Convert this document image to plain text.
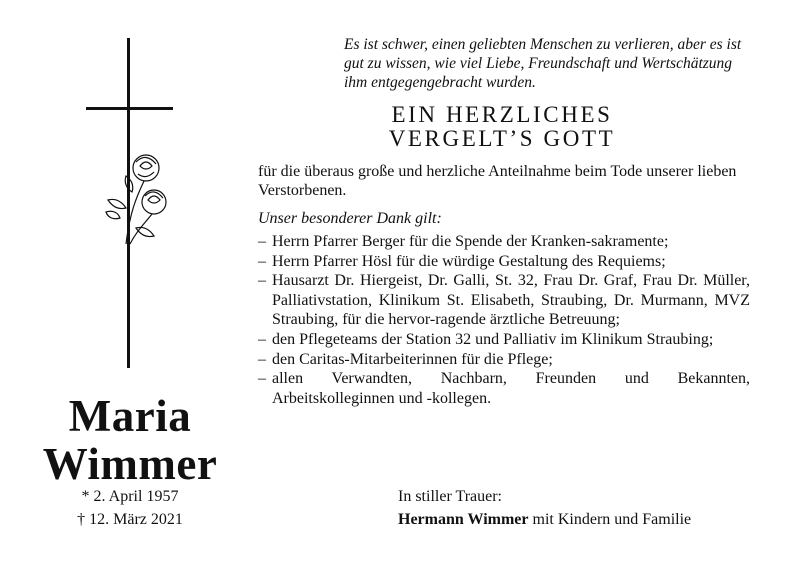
Maria
Wimmer
* 2. April 1957
† 12. März 2021
Es ist schwer, einen geliebten Menschen zu verlieren, aber es ist gut zu wissen, wie viel Liebe, Freundschaft und Wertschätzung ihm entgegengebracht wurden.
EIN HERZLICHES
VERGELT’S GOTT
für die überaus große und herzliche Anteilnahme beim Tode unserer lieben Verstorbenen.
Unser besonderer Dank gilt:
– Herrn Pfarrer Berger für die Spende der Kranken-sakramente;
– Herrn Pfarrer Hösl für die würdige Gestaltung des Requiems;
– Hausarzt Dr. Hiergeist, Dr. Galli, St. 32, Frau Dr. Graf, Frau Dr. Müller, Palliativstation, Klinikum St. Elisabeth, Straubing, Dr. Murmann, MVZ Straubing, für die hervor-ragende ärztliche Betreuung;
– den Pflegeteams der Station 32 und Palliativ im Klinikum Straubing;
– den Caritas-Mitarbeiterinnen für die Pflege;
– allen Verwandten, Nachbarn, Freunden und Bekannten, Arbeitskolleginnen und -kollegen.
In stiller Trauer:
Hermann Wimmer mit Kindern und Familie
